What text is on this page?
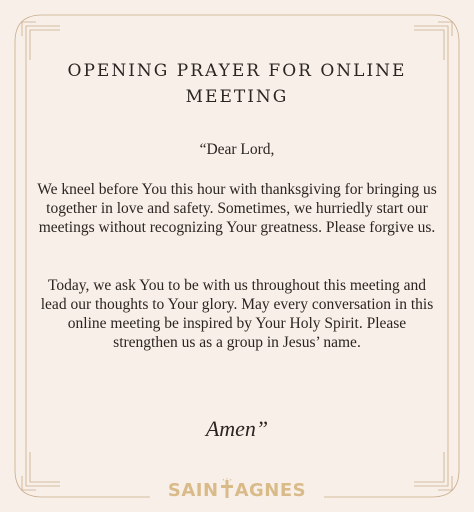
OPENING PRAYER FOR ONLINE
MEETING
“Dear Lord,
We kneel before You this hour with thanksgiving for bringing us together in love and safety. Sometimes, we hurriedly start our meetings without recognizing Your greatness. Please forgive us.
Today, we ask You to be with us throughout this meeting and lead our thoughts to Your glory. May every conversation in this online meeting be inspired by Your Holy Spirit. Please strengthen us as a group in Jesus’ name.
Amen”
SAIN AGNES
